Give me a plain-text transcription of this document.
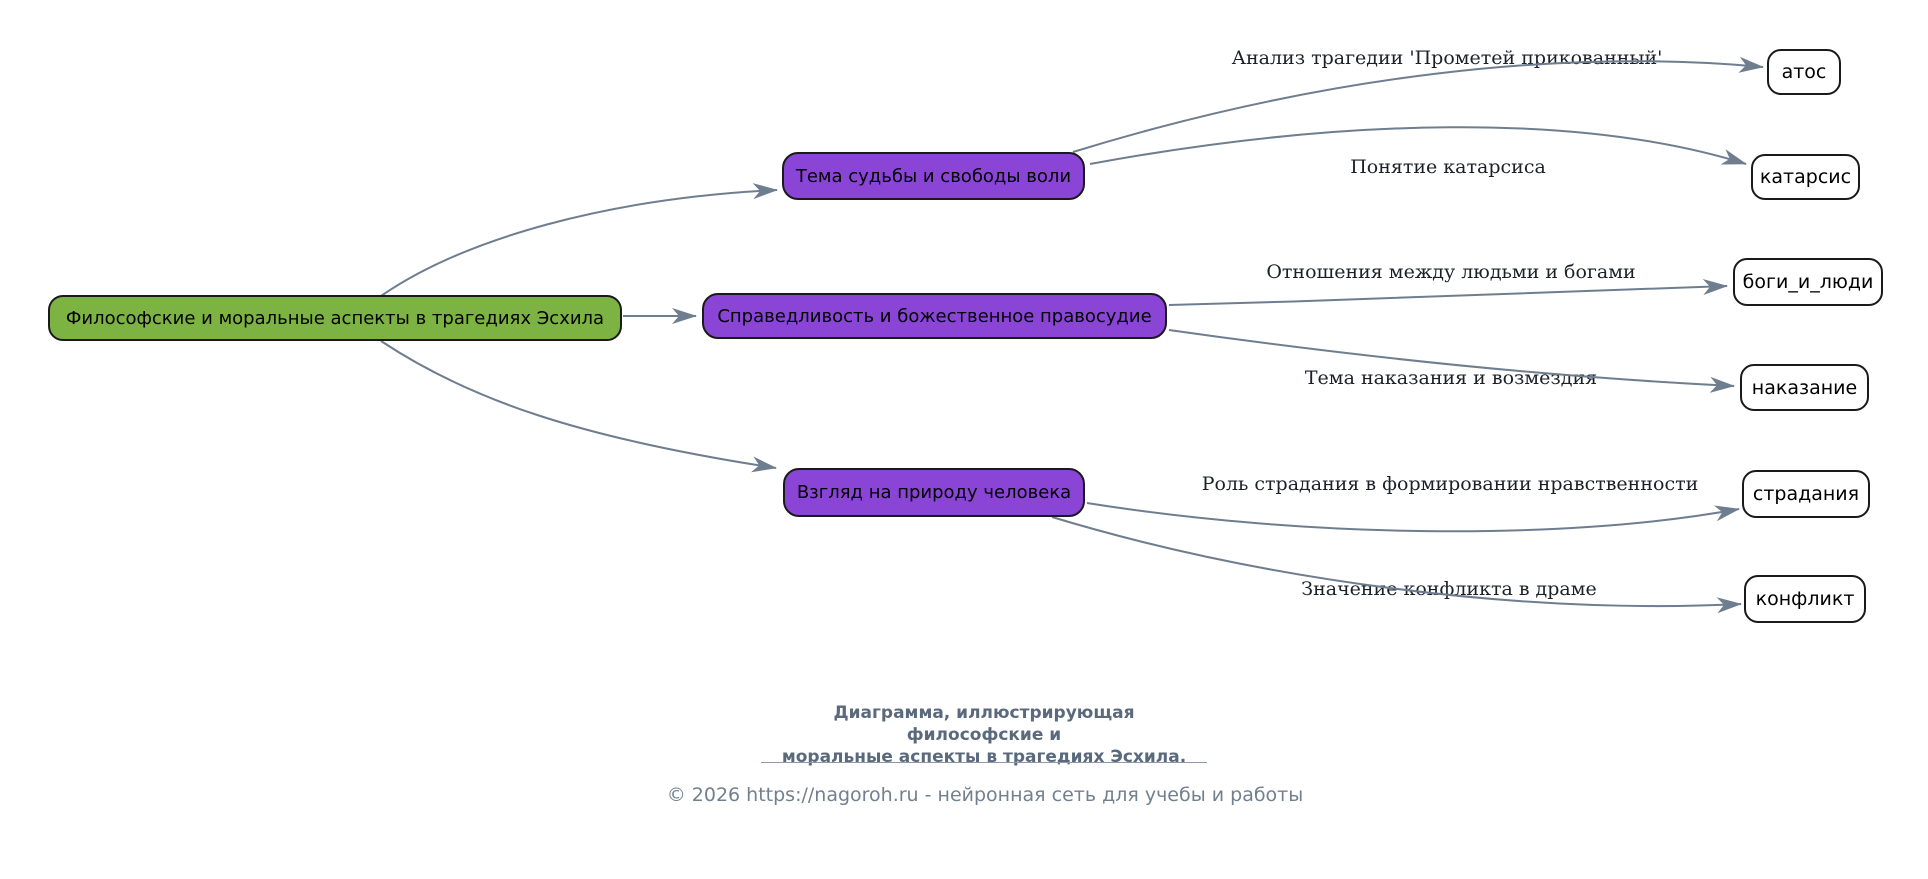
Анализ трагедии 'Прометей прикованный'
Понятие катарсиса
Отношения между людьми и богами
Тема наказания и возмездия
Роль страдания в формировании нравственности
Значение конфликта в драме
Философские и моральные аспекты в трагедиях Эсхила
Тема судьбы и свободы воли
Справедливость и божественное правосудие
Взгляд на природу человека
атос
катарсис
боги_и_люди
наказание
страдания
конфликт
Диаграмма, иллюстрирующая философские и
моральные аспекты в трагедиях Эсхила.
© 2026 https://nagoroh.ru - нейронная сеть для учебы и работы
